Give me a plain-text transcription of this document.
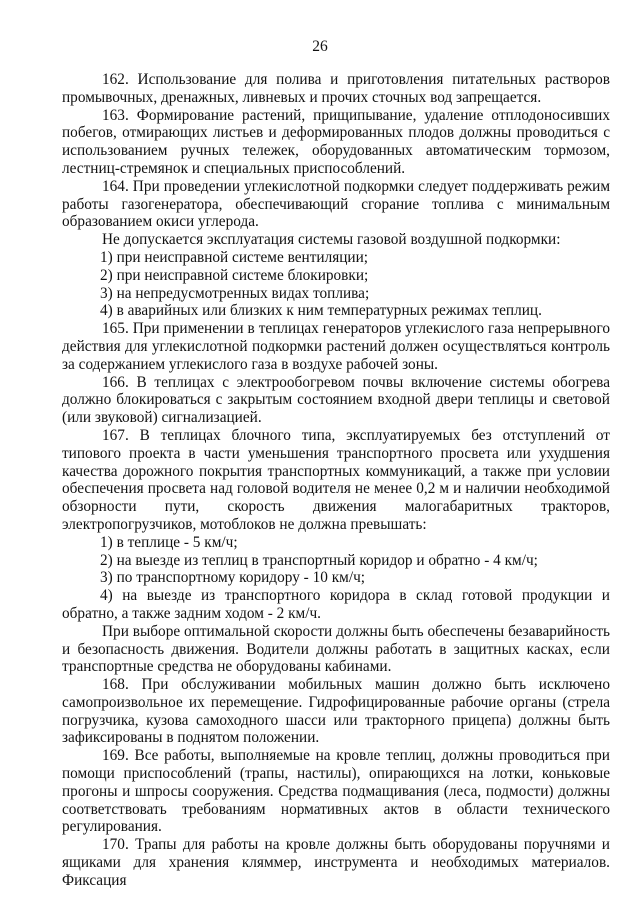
26

162. Использование для полива и приготовления питательных растворов промывочных, дренажных, ливневых и прочих сточных вод запрещается.

163. Формирование растений, прищипывание, удаление отплодоносивших побегов, отмирающих листьев и деформированных плодов должны проводиться с использованием ручных тележек, оборудованных автоматическим тормозом, лестниц-стремянок и специальных приспособлений.

164. При проведении углекислотной подкормки следует поддерживать режим работы газогенератора, обеспечивающий сгорание топлива с минимальным образованием окиси углерода.

Не допускается эксплуатация системы газовой воздушной подкормки:

1) при неисправной системе вентиляции;

2) при неисправной системе блокировки;

3) на непредусмотренных видах топлива;

4) в аварийных или близких к ним температурных режимах теплиц.

165. При применении в теплицах генераторов углекислого газа непрерывного действия для углекислотной подкормки растений должен осуществляться контроль за содержанием углекислого газа в воздухе рабочей зоны.

166. В теплицах с электрообогревом почвы включение системы обогрева должно блокироваться с закрытым состоянием входной двери теплицы и световой (или звуковой) сигнализацией.

167. В теплицах блочного типа, эксплуатируемых без отступлений от типового проекта в части уменьшения транспортного просвета или ухудшения качества дорожного покрытия транспортных коммуникаций, а также при условии обеспечения просвета над головой водителя не менее 0,2 м и наличии необходимой обзорности пути, скорость движения малогабаритных тракторов, электропогрузчиков, мотоблоков не должна превышать:

1) в теплице - 5 км/ч;

2) на выезде из теплиц в транспортный коридор и обратно - 4 км/ч;

3) по транспортному коридору - 10 км/ч;

4) на выезде из транспортного коридора в склад готовой продукции и обратно, а также задним ходом - 2 км/ч.

При выборе оптимальной скорости должны быть обеспечены безаварийность и безопасность движения. Водители должны работать в защитных касках, если транспортные средства не оборудованы кабинами.

168. При обслуживании мобильных машин должно быть исключено самопроизвольное их перемещение. Гидрофицированные рабочие органы (стрела погрузчика, кузова самоходного шасси или тракторного прицепа) должны быть зафиксированы в поднятом положении.

169. Все работы, выполняемые на кровле теплиц, должны проводиться при помощи приспособлений (трапы, настилы), опирающихся на лотки, коньковые прогоны и шпросы сооружения. Средства подмащивания (леса, подмости) должны соответствовать требованиям нормативных актов в области технического регулирования.

170. Трапы для работы на кровле должны быть оборудованы поручнями и ящиками для хранения кляммер, инструмента и необходимых материалов. Фиксация
